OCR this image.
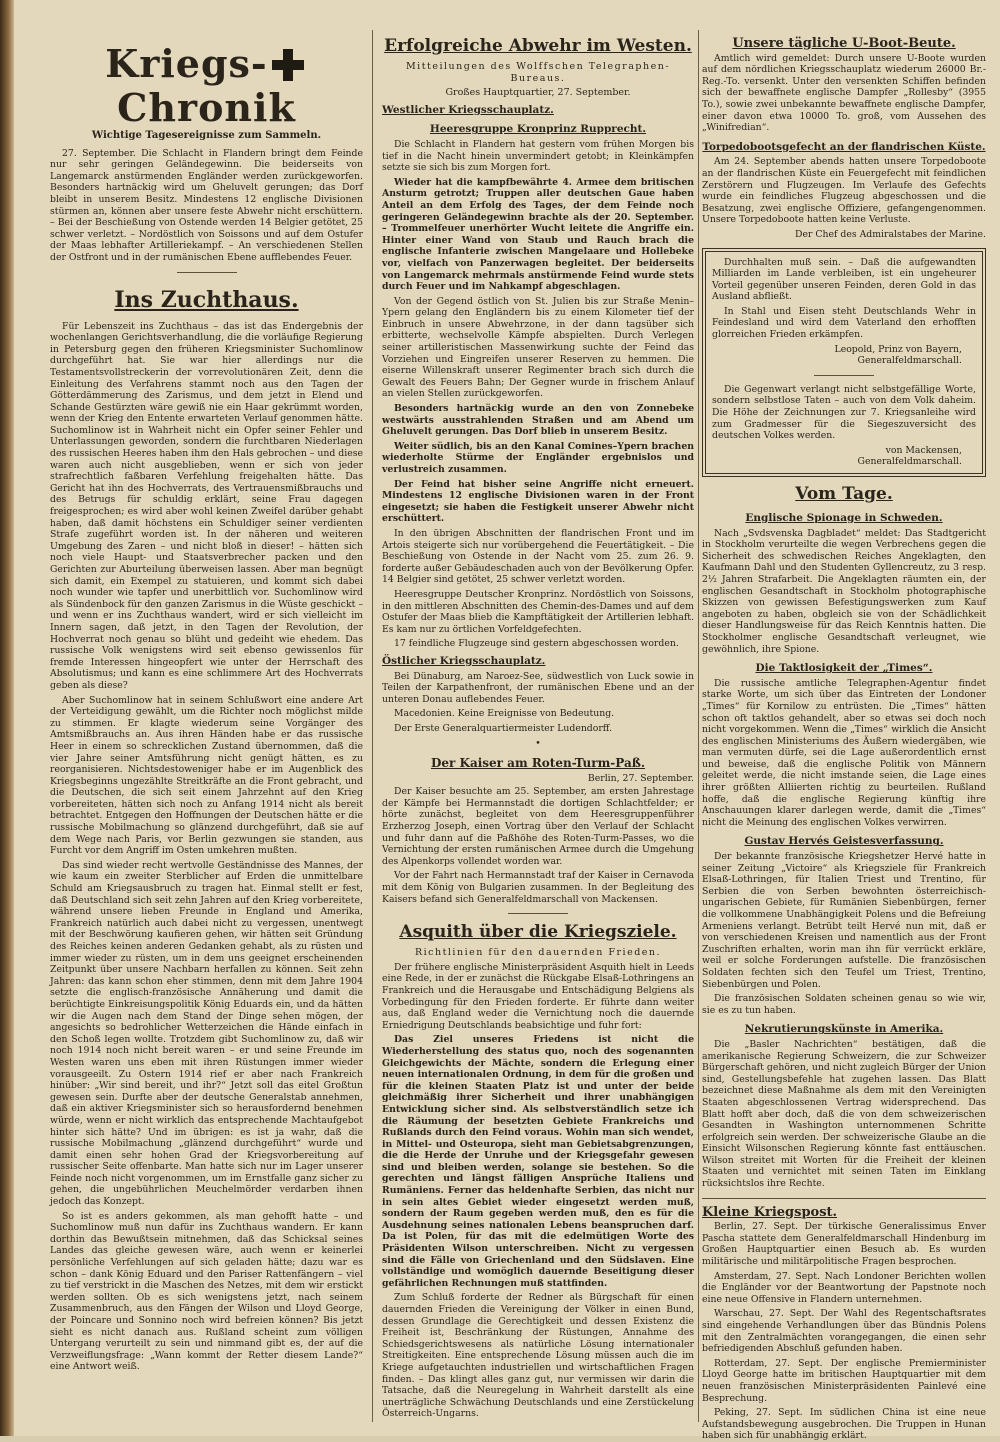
Kriegs-Chronik
Wichtige Tagesereignisse zum Sammeln.

27. September. Die Schlacht in Flandern bringt dem Feinde nur sehr geringen Geländegewinn. Die beiderseits von Langemarck anstürmenden Engländer werden zurückgeworfen. Besonders hartnäckig wird um Gheluvelt gerungen; das Dorf bleibt in unserem Besitz. Mindestens 12 englische Divisionen stürmen an, können aber unsere feste Abwehr nicht erschüttern. – Bei der Beschießung von Ostende werden 14 Belgier getötet, 25 schwer verletzt. – Nordöstlich von Soissons und auf dem Ostufer der Maas lebhafter Artilleriekampf. – An verschiedenen Stellen der Ostfront und in der rumänischen Ebene aufflebendes Feuer.

Ins Zuchthaus.

Für Lebenszeit ins Zuchthaus – das ist das Endergebnis der wochenlangen Gerichtsverhandlung, die die vorläufige Regierung in Petersburg gegen den früheren Kriegsminister Suchomlinow durchgeführt hat. Sie war hier allerdings nur die Testamentsvollstreckerin der vorrevolutionären Zeit, denn die Einleitung des Verfahrens stammt noch aus den Tagen der Götterdämmerung des Zarismus, und dem jetzt in Elend und Schande Gestürzten wäre gewiß nie ein Haar gekrümmt worden, wenn der Krieg den Entente erwarteten Verlauf genommen hätte. Suchomlinow ist in Wahrheit nicht ein Opfer seiner Fehler und Unterlassungen geworden, sondern die furchtbaren Niederlagen des russischen Heeres haben ihm den Hals gebrochen – und diese waren auch nicht ausgeblieben, wenn er sich von jeder strafrechtlich faßbaren Verfehlung freigehalten hätte. Das Gericht hat ihn des Hochverrats, des Vertrauensmißbrauchs und des Betrugs für schuldig erklärt, seine Frau dagegen freigesprochen; es wird aber wohl keinen Zweifel darüber gehabt haben, daß damit höchstens ein Schuldiger seiner verdienten Strafe zugeführt worden ist. In der näheren und weiteren Umgebung des Zaren – und nicht bloß in dieser! – hätten sich noch viele Haupt- und Staatsverbrecher packen und den Gerichten zur Aburteilung überweisen lassen. Aber man begnügt sich damit, ein Exempel zu statuieren, und kommt sich dabei noch wunder wie tapfer und unerbittlich vor. Suchomlinow wird als Sündenbock für den ganzen Zarismus in die Wüste geschickt – und wenn er ins Zuchthaus wandert, wird er sich vielleicht im Innern sagen, daß jetzt, in den Tagen der Revolution, der Hochverrat noch genau so blüht und gedeiht wie ehedem. Das russische Volk wenigstens wird seit ebenso gewissenlos für fremde Interessen hingeopfert wie unter der Herrschaft des Absolutismus; und kann es eine schlimmere Art des Hochverrats geben als diese?

Aber Suchomlinow hat in seinem Schlußwort eine andere Art der Verteidigung gewählt, um die Richter noch möglichst milde zu stimmen. Er klagte wiederum seine Vorgänger des Amtsmißbrauchs an. Aus ihren Händen habe er das russische Heer in einem so schrecklichen Zustand übernommen, daß die vier Jahre seiner Amtsführung nicht genügt hätten, es zu reorganisieren. Nichtsdestoweniger habe er im Augenblick des Kriegsbeginns ungezählte Streitkräfte an die Front gebracht, und die Deutschen, die sich seit einem Jahrzehnt auf den Krieg vorbereiteten, hätten sich noch zu Anfang 1914 nicht als bereit betrachtet. Entgegen den Hoffnungen der Deutschen hätte er die russische Mobilmachung so glänzend durchgeführt, daß sie auf dem Wege nach Paris, vor Berlin gezwungen sie standen, aus Furcht vor dem Angriff im Osten umkehren mußten.

Das sind wieder recht wertvolle Geständnisse des Mannes, der wie kaum ein zweiter Sterblicher auf Erden die unmittelbare Schuld am Kriegsausbruch zu tragen hat. Einmal stellt er fest, daß Deutschland sich seit zehn Jahren auf den Krieg vorbereitete, während unsere lieben Freunde in England und Amerika, Frankreich natürlich auch dabei nicht zu vergessen, unentwegt mit der Beschwörung kaufieren gehen, wir hätten seit Gründung des Reiches keinen anderen Gedanken gehabt, als zu rüsten und immer wieder zu rüsten, um in dem uns geeignet erscheinenden Zeitpunkt über unsere Nachbarn herfallen zu können. Seit zehn Jahren: das kann schon eher stimmen, denn mit dem Jahre 1904 setzte die englisch-französische Annäherung und damit die berüchtigte Einkreisungspolitik König Eduards ein, und da hätten wir die Augen nach dem Stand der Dinge sehen mögen, der angesichts so bedrohlicher Wetterzeichen die Hände einfach in den Schoß legen wollte. Trotzdem gibt Suchomlinow zu, daß wir noch 1914 noch nicht bereit waren – er und seine Freunde im Westen waren uns eben mit ihren Rüstungen immer wieder vorausgeeilt. Zu Ostern 1914 rief er aber nach Frankreich hinüber: „Wir sind bereit, und ihr?“ Jetzt soll das eitel Großtun gewesen sein. Durfte aber der deutsche Generalstab annehmen, daß ein aktiver Kriegsminister sich so herausfordernd benehmen würde, wenn er nicht wirklich das entsprechende Machtaufgebot hinter sich hätte? Und im übrigen: es ist ja wahr, daß die russische Mobilmachung „glänzend durchgeführt“ wurde und damit einen sehr hohen Grad der Kriegsvorbereitung auf russischer Seite offenbarte. Man hatte sich nur im Lager unserer Feinde noch nicht vorgenommen, um im Ernstfalle ganz sicher zu gehen, die ungebührlichen Meuchelmörder verdarben ihnen jedoch das Konzept.

So ist es anders gekommen, als man gehofft hatte – und Suchomlinow muß nun dafür ins Zuchthaus wandern. Er kann dorthin das Bewußtsein mitnehmen, daß das Schicksal seines Landes das gleiche gewesen wäre, auch wenn er keinerlei persönliche Verfehlungen auf sich geladen hätte; dazu war es schon – dank König Eduard und den Pariser Rattenfängern – viel zu tief verstrickt in die Maschen des Netzes, mit dem wir erstickt werden sollten. Ob es sich wenigstens jetzt, nach seinem Zusammenbruch, aus den Fängen der Wilson und Lloyd George, der Poincare und Sonnino noch wird befreien können? Bis jetzt sieht es nicht danach aus. Rußland scheint zum völligen Untergang verurteilt zu sein und nimmand gibt es, der auf die Verzweiflungsfrage: „Wann kommt der Retter diesem Lande?“ eine Antwort weiß.

Erfolgreiche Abwehr im Westen.
Mitteilungen des Wolffschen Telegraphen-Bureaus.
Großes Hauptquartier, 27. September.
Westlicher Kriegsschauplatz.
Heeresgruppe Kronprinz Rupprecht.

Die Schlacht in Flandern hat gestern vom frühen Morgen bis tief in die Nacht hinein unvermindert getobt; in Kleinkämpfen setzte sie sich bis zum Morgen fort.

Wieder hat die kampfbewährte 4. Armee dem britischen Ansturm getrotzt; Truppen aller deutschen Gaue haben Anteil an dem Erfolg des Tages, der dem Feinde noch geringeren Geländegewinn brachte als der 20. September. – Trommelfeuer unerhörter Wucht leitete die Angriffe ein. Hinter einer Wand von Staub und Rauch brach die englische Infanterie zwischen Mangelaare und Hollebeke vor, vielfach von Panzerwagen begleitet. Der beiderseits von Langemarck mehrmals anstürmende Feind wurde stets durch Feuer und im Nahkampf abgeschlagen.

Von der Gegend östlich von St. Julien bis zur Straße Menin–Ypern gelang den Engländern bis zu einem Kilometer tief der Einbruch in unsere Abwehrzone, in der dann tagsüber sich erbitterte, wechselvolle Kämpfe abspielten. Durch Verlegen seiner artilleristischen Massenwirkung suchte der Feind das Vorziehen und Eingreifen unserer Reserven zu hemmen. Die eiserne Willenskraft unserer Regimenter brach sich durch die Gewalt des Feuers Bahn; Der Gegner wurde in frischem Anlauf an vielen Stellen zurückgeworfen.

Besonders hartnäckig wurde an den von Zonnebeke westwärts ausstrahlenden Straßen und am Abend um Gheluvelt gerungen. Das Dorf blieb in unserem Besitz.

Weiter südlich, bis an den Kanal Comines–Ypern brachen wiederholte Stürme der Engländer ergebnislos und verlustreich zusammen.

Der Feind hat bisher seine Angriffe nicht erneuert. Mindestens 12 englische Divisionen waren in der Front eingesetzt; sie haben die Festigkeit unserer Abwehr nicht erschüttert.

In den übrigen Abschnitten der flandrischen Front und im Artois steigerte sich nur vorübergehend die Feuertätigkeit. – Die Beschießung von Ostende in der Nacht vom 25. zum 26. 9. forderte außer Gebäudeschaden auch von der Bevölkerung Opfer. 14 Belgier sind getötet, 25 schwer verletzt worden.

Heeresgruppe Deutscher Kronprinz. Nordöstlich von Soissons, in den mittleren Abschnitten des Chemin-des-Dames und auf dem Ostufer der Maas blieb die Kampftätigkeit der Artillerien lebhaft. Es kam nur zu örtlichen Vorfeldgefechten.

17 feindliche Flugzeuge sind gestern abgeschossen worden.

Östlicher Kriegsschauplatz.

Bei Dünaburg, am Naroez-See, südwestlich von Luck sowie in Teilen der Karpathenfront, der rumänischen Ebene und an der unteren Donau auflebendes Feuer.

Macedonien. Keine Ereignisse von Bedeutung.

Der Erste Generalquartiermeister Ludendorff.

•
Der Kaiser am Roten-Turm-Paß.
Berlin, 27. September.

Der Kaiser besuchte am 25. September, am ersten Jahrestage der Kämpfe bei Hermannstadt die dortigen Schlachtfelder; er hörte zunächst, begleitet von dem Heeresgruppenführer Erzherzog Joseph, einen Vortrag über den Verlauf der Schlacht und fuhr dann auf die Paßhöhe des Roten-Turm-Passes, wo die Vernichtung der ersten rumänischen Armee durch die Umgehung des Alpenkorps vollendet worden war.

Vor der Fahrt nach Hermannstadt traf der Kaiser in Cernavoda mit dem König von Bulgarien zusammen. In der Begleitung des Kaisers befand sich Generalfeldmarschall von Mackensen.

Asquith über die Kriegsziele.
Richtlinien für den dauernden Frieden.

Der frühere englische Ministerpräsident Asquith hielt in Leeds eine Rede, in der er zunächst die Rückgabe Elsaß-Lothringens an Frankreich und die Herausgabe und Entschädigung Belgiens als Vorbedingung für den Frieden forderte. Er führte dann weiter aus, daß England weder die Vernichtung noch die dauernde Erniedrigung Deutschlands beabsichtige und fuhr fort:

Das Ziel unseres Friedens ist nicht die Wiederherstellung des status quo, noch des sogenannten Gleichgewichts der Mächte, sondern die Erlegung einer neuen internationalen Ordnung, in dem für die großen und für die kleinen Staaten Platz ist und unter der beide gleichmäßig ihrer Sicherheit und ihrer unabhängigen Entwicklung sicher sind. Als selbstverständlich setze ich die Räumung der besetzten Gebiete Frankreichs und Rußlands durch den Feind voraus. Wohin man sich wendet, in Mittel- und Osteuropa, sieht man Gebietsabgrenzungen, die die Herde der Unruhe und der Kriegsgefahr gewesen sind und bleiben werden, solange sie bestehen. So die gerechten und längst fälligen Ansprüche Italiens und Rumäniens. Ferner das heldenhafte Serbien, das nicht nur in sein altes Gebiet wieder eingesetzt werden muß, sondern der Raum gegeben werden muß, den es für die Ausdehnung seines nationalen Lebens beanspruchen darf. Da ist Polen, für das mit die edelmütigen Worte des Präsidenten Wilson unterschreiben. Nicht zu vergessen sind die Fälle von Griechenland und den Südslaven. Eine vollständige und womöglich dauernde Beseitigung dieser gefährlichen Rechnungen muß stattfinden.

Zum Schluß forderte der Redner als Bürgschaft für einen dauernden Frieden die Vereinigung der Völker in einen Bund, dessen Grundlage die Gerechtigkeit und dessen Existenz die Freiheit ist, Beschränkung der Rüstungen, Annahme des Schiedsgerichtswesens als natürliche Lösung internationaler Streitigkeiten. Eine entsprechende Lösung müssen auch die im Kriege aufgetauchten industriellen und wirtschaftlichen Fragen finden. – Das klingt alles ganz gut, nur vermissen wir darin die Tatsache, daß die Neuregelung in Wahrheit darstellt als eine unerträgliche Schwächung Deutschlands und eine Zerstückelung Österreich-Ungarns.

Unsere tägliche U-Boot-Beute.

Amtlich wird gemeldet: Durch unsere U-Boote wurden auf dem nördlichen Kriegsschauplatz wiederum 26000 Br.-Reg.-To. versenkt. Unter den versenkten Schiffen befinden sich der bewaffnete englische Dampfer „Rollesby“ (3955 To.), sowie zwei unbekannte bewaffnete englische Dampfer, einer davon etwa 10000 To. groß, vom Aussehen des „Winifredian“.

Torpedobootsgefecht an der flandrischen Küste.

Am 24. September abends hatten unsere Torpedoboote an der flandrischen Küste ein Feuergefecht mit feindlichen Zerstörern und Flugzeugen. Im Verlaufe des Gefechts wurde ein feindliches Flugzeug abgeschossen und die Besatzung, zwei englische Offiziere, gefangengenommen. Unsere Torpedoboote hatten keine Verluste.

Der Chef des Admiralstabes der Marine.

Durchhalten muß sein. – Daß die aufgewandten Milliarden im Lande verbleiben, ist ein ungeheurer Vorteil gegenüber unseren Feinden, deren Gold in das Ausland abfließt.

In Stahl und Eisen steht Deutschlands Wehr in Feindesland und wird dem Vaterland den erhofften glorreichen Frieden erkämpfen.

Leopold, Prinz von Bayern,

Generalfeldmarschall.

Die Gegenwart verlangt nicht selbstgefällige Worte, sondern selbstlose Taten – auch von dem Volk daheim. Die Höhe der Zeichnungen zur 7. Kriegsanleihe wird zum Gradmesser für die Siegeszuversicht des deutschen Volkes werden.

von Mackensen,

Generalfeldmarschall.

Vom Tage.
Englische Spionage in Schweden.

Nach „Svdsvenska Dagbladet“ meldet: Das Stadtgericht in Stockholm verurteilte die wegen Verbrechens gegen die Sicherheit des schwedischen Reiches Angeklagten, den Kaufmann Dahl und den Studenten Gyllencreutz, zu 3 resp. 2½ Jahren Strafarbeit. Die Angeklagten räumten ein, der englischen Gesandtschaft in Stockholm photographische Skizzen von gewissen Befestigungswerken zum Kauf angeboten zu haben, obgleich sie von der Schädlichkeit dieser Handlungsweise für das Reich Kenntnis hatten. Die Stockholmer englische Gesandtschaft verleugnet, wie gewöhnlich, ihre Spione.

Die Taktlosigkeit der „Times“.

Die russische amtliche Telegraphen-Agentur findet starke Worte, um sich über das Eintreten der Londoner „Times“ für Kornilow zu entrüsten. Die „Times“ hätten schon oft taktlos gehandelt, aber so etwas sei doch noch nicht vorgekommen. Wenn die „Times“ wirklich die Ansicht des englischen Ministeriums des Äußern wiedergäben, wie man vermuten dürfe, sei die Lage außerordentlich ernst und beweise, daß die englische Politik von Männern geleitet werde, die nicht imstande seien, die Lage eines ihrer größten Alliierten richtig zu beurteilen. Rußland hoffe, daß die englische Regierung künftig ihre Anschauungen klarer darlegen werde, damit die „Times“ nicht die Meinung des englischen Volkes verwirren.

Gustav Hervés Geistesverfassung.

Der bekannte französische Kriegshetzer Hervé hatte in seiner Zeitung „Victoire“ als Kriegsziele für Frankreich Elsaß-Lothringen, für Italien Triest und Trentino, für Serbien die von Serben bewohnten österreichisch-ungarischen Gebiete, für Rumänien Siebenbürgen, ferner die vollkommene Unabhängigkeit Polens und die Befreiung Armeniens verlangt. Betrübt teilt Hervé nun mit, daß er von verschiedenen Kreisen und namentlich aus der Front Zuschriften erhalten, worin man ihn für verrückt erkläre, weil er solche Forderungen aufstelle. Die französischen Soldaten fechten sich den Teufel um Triest, Trentino, Siebenbürgen und Polen.

Die französischen Soldaten scheinen genau so wie wir, sie es zu tun haben.

Nekrutierungskünste in Amerika.

Die „Basler Nachrichten“ bestätigen, daß die amerikanische Regierung Schweizern, die zur Schweizer Bürgerschaft gehören, und nicht zugleich Bürger der Union sind, Gestellungsbefehle hat zugehen lassen. Das Blatt bezeichnet diese Maßnahme als dem mit den Vereinigten Staaten abgeschlossenen Vertrag widersprechend. Das Blatt hofft aber doch, daß die von dem schweizerischen Gesandten in Washington unternommenen Schritte erfolgreich sein werden. Der schweizerische Glaube an die Einsicht Wilsonschen Regierung könnte fast enttäuschen. Wilson streitet mit Worten für die Freiheit der kleinen Staaten und vernichtet mit seinen Taten im Einklang rücksichtslos ihre Rechte.

Kleine Kriegspost.

Berlin, 27. Sept. Der türkische Generalissimus Enver Pascha stattete dem Generalfeldmarschall Hindenburg im Großen Hauptquartier einen Besuch ab. Es wurden militärische und militärpolitische Fragen besprochen.

Amsterdam, 27. Sept. Nach Londoner Berichten wollen die Engländer vor der Beantwortung der Papstnote noch eine neue Offensive in Flandern unternehmen.

Warschau, 27. Sept. Der Wahl des Regentschaftsrates sind eingehende Verhandlungen über das Bündnis Polens mit den Zentralmächten vorangegangen, die einen sehr befriedigenden Abschluß gefunden haben.

Rotterdam, 27. Sept. Der englische Premierminister Lloyd George hatte im britischen Hauptquartier mit dem neuen französischen Ministerpräsidenten Painlevé eine Besprechung.

Peking, 27. Sept. Im südlichen China ist eine neue Aufstandsbewegung ausgebrochen. Die Truppen in Hunan haben sich für unabhängig erklärt.
